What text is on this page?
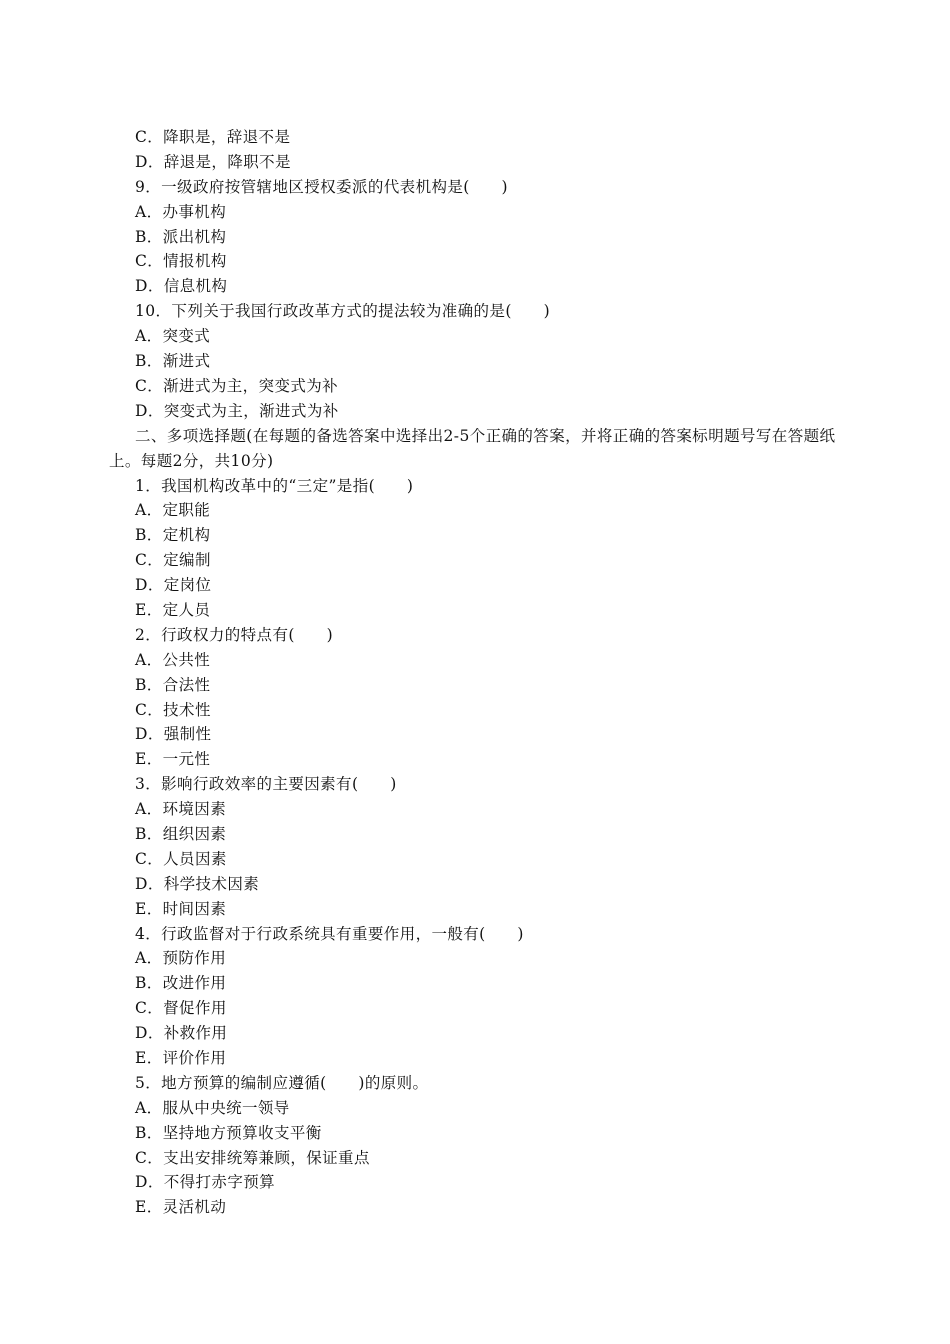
C．降职是，辞退不是
D．辞退是，降职不是
9．一级政府按管辖地区授权委派的代表机构是(　　)
A．办事机构
B．派出机构
C．情报机构
D．信息机构
10．下列关于我国行政改革方式的提法较为准确的是(　　)
A．突变式
B．渐进式
C．渐进式为主，突变式为补
D．突变式为主，渐进式为补
二、多项选择题(在每题的备选答案中选择出2-5个正确的答案，并将正确的答案标明题号写在答题纸上。每题2分，共10分)
1．我国机构改革中的“三定”是指(　　)
A．定职能
B．定机构
C．定编制
D．定岗位
E．定人员
2．行政权力的特点有(　　)
A．公共性
B．合法性
C．技术性
D．强制性
E．一元性
3．影响行政效率的主要因素有(　　)
A．环境因素
B．组织因素
C．人员因素
D．科学技术因素
E．时间因素
4．行政监督对于行政系统具有重要作用，一般有(　　)
A．预防作用
B．改进作用
C．督促作用
D．补救作用
E．评价作用
5．地方预算的编制应遵循(　　)的原则。
A．服从中央统一领导
B．坚持地方预算收支平衡
C．支出安排统筹兼顾，保证重点
D．不得打赤字预算
E．灵活机动
